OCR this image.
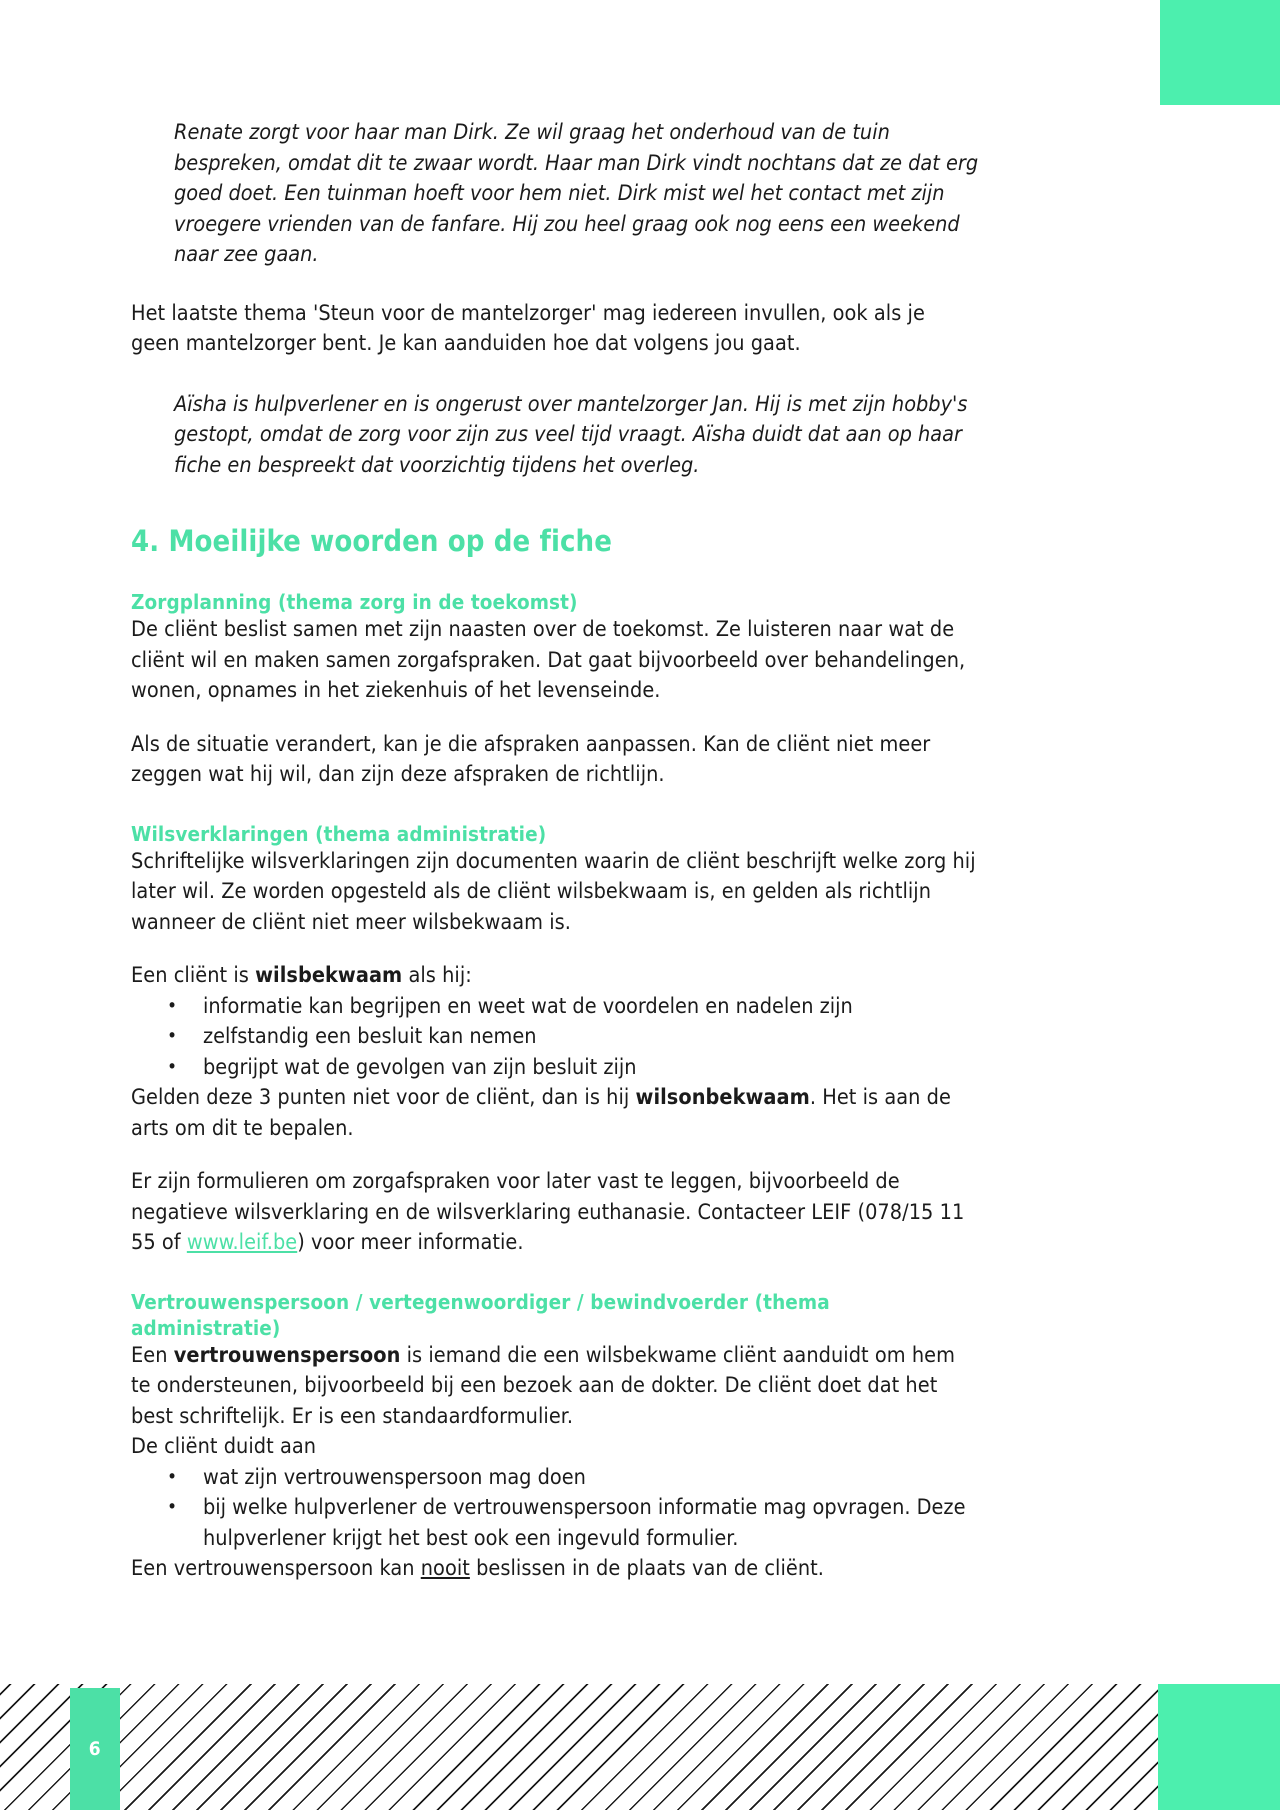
6

Renate zorgt voor haar man Dirk. Ze wil graag het onderhoud van de tuin bespreken, omdat dit te zwaar wordt. Haar man Dirk vindt nochtans dat ze dat erg goed doet. Een tuinman hoeft voor hem niet. Dirk mist wel het contact met zijn vroegere vrienden van de fanfare. Hij zou heel graag ook nog eens een weekend naar zee gaan.

Het laatste thema 'Steun voor de mantelzorger' mag iedereen invullen, ook als je geen mantelzorger bent. Je kan aanduiden hoe dat volgens jou gaat.

Aïsha is hulpverlener en is ongerust over mantelzorger Jan. Hij is met zijn hobby's gestopt, omdat de zorg voor zijn zus veel tijd vraagt. Aïsha duidt dat aan op haar fiche en bespreekt dat voorzichtig tijdens het overleg.

4. Moeilijke woorden op de fiche
Zorgplanning (thema zorg in de toekomst)

De cliënt beslist samen met zijn naasten over de toekomst. Ze luisteren naar wat de cliënt wil en maken samen zorgafspraken. Dat gaat bijvoorbeeld over behandelingen, wonen, opnames in het ziekenhuis of het levenseinde.

Als de situatie verandert, kan je die afspraken aanpassen. Kan de cliënt niet meer zeggen wat hij wil, dan zijn deze afspraken de richtlijn.

Wilsverklaringen (thema administratie)

Schriftelijke wilsverklaringen zijn documenten waarin de cliënt beschrijft welke zorg hij later wil. Ze worden opgesteld als de cliënt wilsbekwaam is, en gelden als richtlijn wanneer de cliënt niet meer wilsbekwaam is.

Een cliënt is wilsbekwaam als hij:

• informatie kan begrijpen en weet wat de voordelen en nadelen zijn
• zelfstandig een besluit kan nemen
• begrijpt wat de gevolgen van zijn besluit zijn

Gelden deze 3 punten niet voor de cliënt, dan is hij wilsonbekwaam. Het is aan de arts om dit te bepalen.

Er zijn formulieren om zorgafspraken voor later vast te leggen, bijvoorbeeld de negatieve wilsverklaring en de wilsverklaring euthanasie. Contacteer LEIF (078/15 11 55 of www.leif.be) voor meer informatie.

Vertrouwenspersoon / vertegenwoordiger / bewindvoerder (thema administratie)

Een vertrouwenspersoon is iemand die een wilsbekwame cliënt aanduidt om hem te ondersteunen, bijvoorbeeld bij een bezoek aan de dokter. De cliënt doet dat het best schriftelijk. Er is een standaardformulier.

De cliënt duidt aan

• wat zijn vertrouwenspersoon mag doen
• bij welke hulpverlener de vertrouwenspersoon informatie mag opvragen. Deze hulpverlener krijgt het best ook een ingevuld formulier.

Een vertrouwenspersoon kan nooit beslissen in de plaats van de cliënt.
